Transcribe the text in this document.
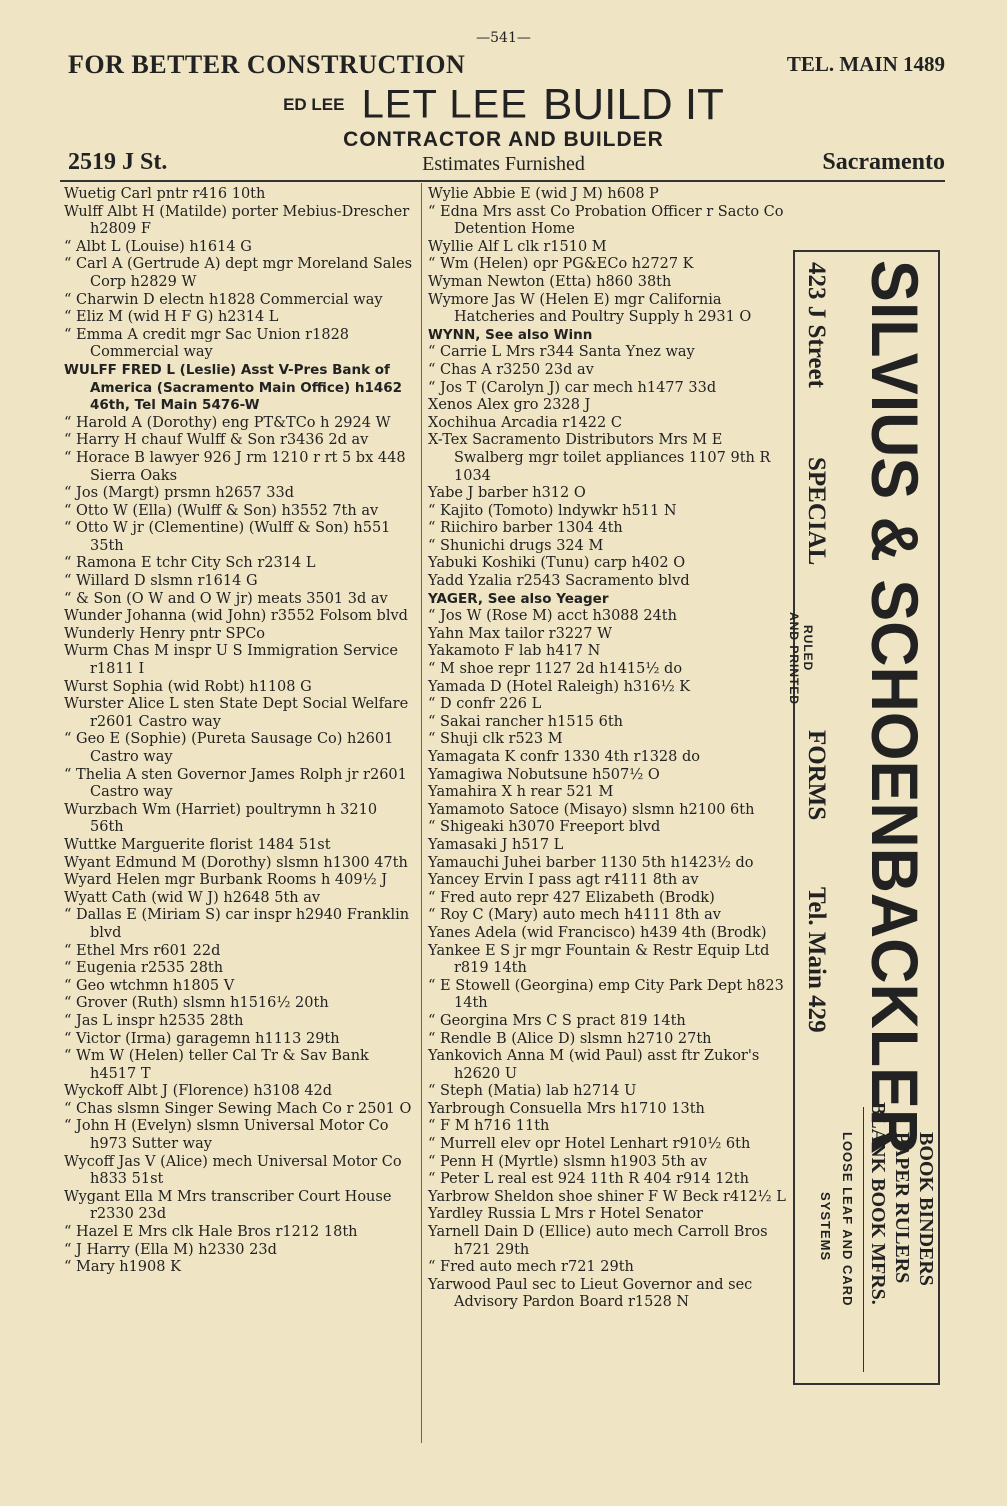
—541—
FOR BETTER CONSTRUCTION	TEL. MAIN 1489
ED LEE LET LEE BUILD IT
CONTRACTOR AND BUILDER
2519 J St.	Estimates Furnished	Sacramento
Wuetig Carl pntr r416 10th
Wulff Albt H (Matilde) porter Mebius-Drescher h2809 F
“ Albt L (Louise) h1614 G
“ Carl A (Gertrude A) dept mgr Moreland Sales Corp h2829 W
“ Charwin D electn h1828 Commercial way
“ Eliz M (wid H F G) h2314 L
“ Emma A credit mgr Sac Union r1828 Commercial way
WULFF FRED L (Leslie) Asst V-Pres Bank of America (Sacramento Main Office) h1462 46th, Tel Main 5476-W
“ Harold A (Dorothy) eng PT&TCo h 2924 W
“ Harry H chauf Wulff & Son r3436 2d av
“ Horace B lawyer 926 J rm 1210 r rt 5 bx 448 Sierra Oaks
“ Jos (Margt) prsmn h2657 33d
“ Otto W (Ella) (Wulff & Son) h3552 7th av
“ Otto W jr (Clementine) (Wulff & Son) h551 35th
“ Ramona E tchr City Sch r2314 L
“ Willard D slsmn r1614 G
“ & Son (O W and O W jr) meats 3501 3d av
Wunder Johanna (wid John) r3552 Folsom blvd
Wunderly Henry pntr SPCo
Wurm Chas M inspr U S Immigration Service r1811 I
Wurst Sophia (wid Robt) h1108 G
Wurster Alice L sten State Dept Social Welfare r2601 Castro way
“ Geo E (Sophie) (Pureta Sausage Co) h2601 Castro way
“ Thelia A sten Governor James Rolph jr r2601 Castro way
Wurzbach Wm (Harriet) poultrymn h 3210 56th
Wuttke Marguerite florist 1484 51st
Wyant Edmund M (Dorothy) slsmn h1300 47th
Wyard Helen mgr Burbank Rooms h 409½ J
Wyatt Cath (wid W J) h2648 5th av
“ Dallas E (Miriam S) car inspr h2940 Franklin blvd
“ Ethel Mrs r601 22d
“ Eugenia r2535 28th
“ Geo wtchmn h1805 V
“ Grover (Ruth) slsmn h1516½ 20th
“ Jas L inspr h2535 28th
“ Victor (Irma) garagemn h1113 29th
“ Wm W (Helen) teller Cal Tr & Sav Bank h4517 T
Wyckoff Albt J (Florence) h3108 42d
“ Chas slsmn Singer Sewing Mach Co r 2501 O
“ John H (Evelyn) slsmn Universal Motor Co h973 Sutter way
Wycoff Jas V (Alice) mech Universal Motor Co h833 51st
Wygant Ella M Mrs transcriber Court House r2330 23d
“ Hazel E Mrs clk Hale Bros r1212 18th
“ J Harry (Ella M) h2330 23d
“ Mary h1908 K
Wylie Abbie E (wid J M) h608 P
“ Edna Mrs asst Co Probation Officer r Sacto Co Detention Home
Wyllie Alf L clk r1510 M
“ Wm (Helen) opr PG&ECo h2727 K
Wyman Newton (Etta) h860 38th
Wymore Jas W (Helen E) mgr California Hatcheries and Poultry Supply h 2931 O
WYNN, See also Winn
“ Carrie L Mrs r344 Santa Ynez way
“ Chas A r3250 23d av
“ Jos T (Carolyn J) car mech h1477 33d
Xenos Alex gro 2328 J
Xochihua Arcadia r1422 C
X-Tex Sacramento Distributors Mrs M E Swalberg mgr toilet appliances 1107 9th R 1034
Yabe J barber h312 O
“ Kajito (Tomoto) lndywkr h511 N
“ Riichiro barber 1304 4th
“ Shunichi drugs 324 M
Yabuki Koshiki (Tunu) carp h402 O
Yadd Yzalia r2543 Sacramento blvd
YAGER, See also Yeager
“ Jos W (Rose M) acct h3088 24th
Yahn Max tailor r3227 W
Yakamoto F lab h417 N
“ M shoe repr 1127 2d h1415½ do
Yamada D (Hotel Raleigh) h316½ K
“ D confr 226 L
“ Sakai rancher h1515 6th
“ Shuji clk r523 M
Yamagata K confr 1330 4th r1328 do
Yamagiwa Nobutsune h507½ O
Yamahira X h rear 521 M
Yamamoto Satoce (Misayo) slsmn h2100 6th
“ Shigeaki h3070 Freeport blvd
Yamasaki J h517 L
Yamauchi Juhei barber 1130 5th h1423½ do
Yancey Ervin I pass agt r4111 8th av
“ Fred auto repr 427 Elizabeth (Brodk)
“ Roy C (Mary) auto mech h4111 8th av
Yanes Adela (wid Francisco) h439 4th (Brodk)
Yankee E S jr mgr Fountain & Restr Equip Ltd r819 14th
“ E Stowell (Georgina) emp City Park Dept h823 14th
“ Georgina Mrs C S pract 819 14th
“ Rendle B (Alice D) slsmn h2710 27th
Yankovich Anna M (wid Paul) asst ftr Zukor's h2620 U
“ Steph (Matia) lab h2714 U
Yarbrough Consuella Mrs h1710 13th
“ F M h716 11th
“ Murrell elev opr Hotel Lenhart r910½ 6th
“ Penn H (Myrtle) slsmn h1903 5th av
“ Peter L real est 924 11th R 404 r914 12th
Yarbrow Sheldon shoe shiner F W Beck r412½ L
Yardley Russia L Mrs r Hotel Senator
Yarnell Dain D (Ellice) auto mech Carroll Bros h721 29th
“ Fred auto mech r721 29th
Yarwood Paul sec to Lieut Governor and sec Advisory Pardon Board r1528 N
SILVIUS & SCHOENBACKLER
423 J Street
SPECIAL
RULED
AND PRINTED
FORMS
Tel. Main 429
BOOK BINDERS
PAPER RULERS
BLANK BOOK MFRS.
LOOSE LEAF AND CARD
SYSTEMS
